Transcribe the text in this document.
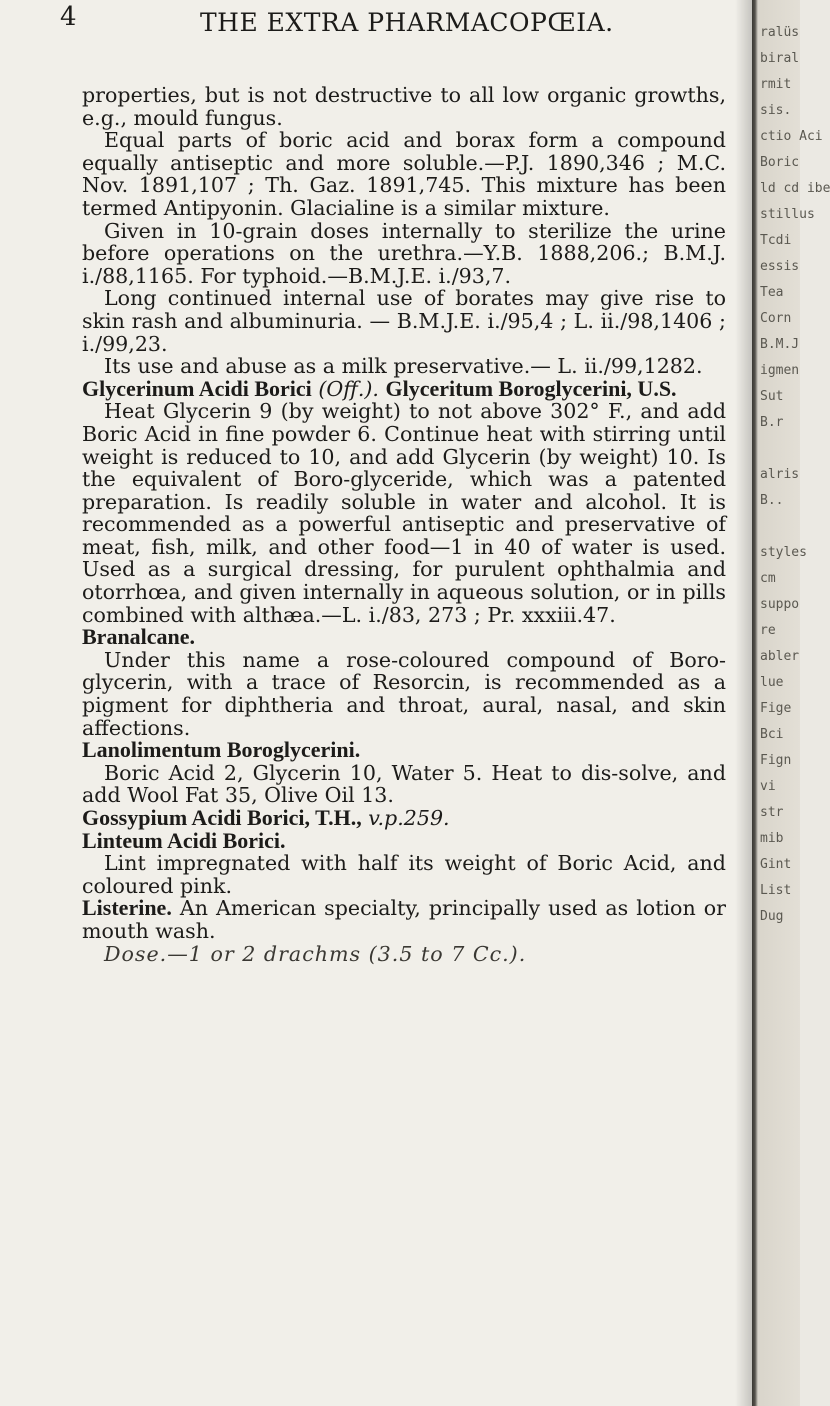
4	THE EXTRA PHARMACOPŒIA.

properties, but is not destructive to all low organic growths, e.g., mould fungus.

Equal parts of boric acid and borax form a compound equally antiseptic and more soluble.—P.J. 1890,346 ; M.C. Nov. 1891,107 ; Th. Gaz. 1891,745. This mixture has been termed Antipyonin. Glacialine is a similar mixture.

Given in 10-grain doses internally to sterilize the urine before operations on the urethra.—Y.B. 1888,206.; B.M.J. i./88,1165. For typhoid.—B.M.J.E. i./93,7.

Long continued internal use of borates may give rise to skin rash and albuminuria. — B.M.J.E. i./95,4 ; L. ii./98,1406 ; i./99,23.

Its use and abuse as a milk preservative.— L. ii./99,1282.

Glycerinum Acidi Borici (Off.). Glyceritum Boroglycerini, U.S.

Heat Glycerin 9 (by weight) to not above 302° F., and add Boric Acid in fine powder 6. Continue heat with stirring until weight is reduced to 10, and add Glycerin (by weight) 10. Is the equivalent of Boro-glyceride, which was a patented preparation. Is readily soluble in water and alcohol. It is recommended as a powerful antiseptic and preservative of meat, fish, milk, and other food—1 in 40 of water is used. Used as a surgical dressing, for purulent ophthalmia and otorrhœa, and given internally in aqueous solution, or in pills combined with althæa.—L. i./83, 273 ; Pr. xxxiii.47.

Branalcane.

Under this name a rose-coloured compound of Boro-glycerin, with a trace of Resorcin, is recommended as a pigment for diphtheria and throat, aural, nasal, and skin affections.

Lanolimentum Boroglycerini.

Boric Acid 2, Glycerin 10, Water 5. Heat to dis-solve, and add Wool Fat 35, Olive Oil 13.

Gossypium Acidi Borici, T.H., v.p.259.

Linteum Acidi Borici.

Lint impregnated with half its weight of Boric Acid, and coloured pink.

Listerine. An American specialty, principally used as lotion or mouth wash.

Dose.—1 or 2 drachms (3.5 to 7 Cc.).

ralüs
biral
rmit
sis.
ctio Aci
Boric
ld cd ibe
stillus
Tcdi
essis
Tea
Corn
B.M.J
igmen
Sut
B.r

alris
B..

styles
cm
suppo
re
abler
lue
Fige
Bci
Fign
vi
str
mib
Gint
List
Dug
